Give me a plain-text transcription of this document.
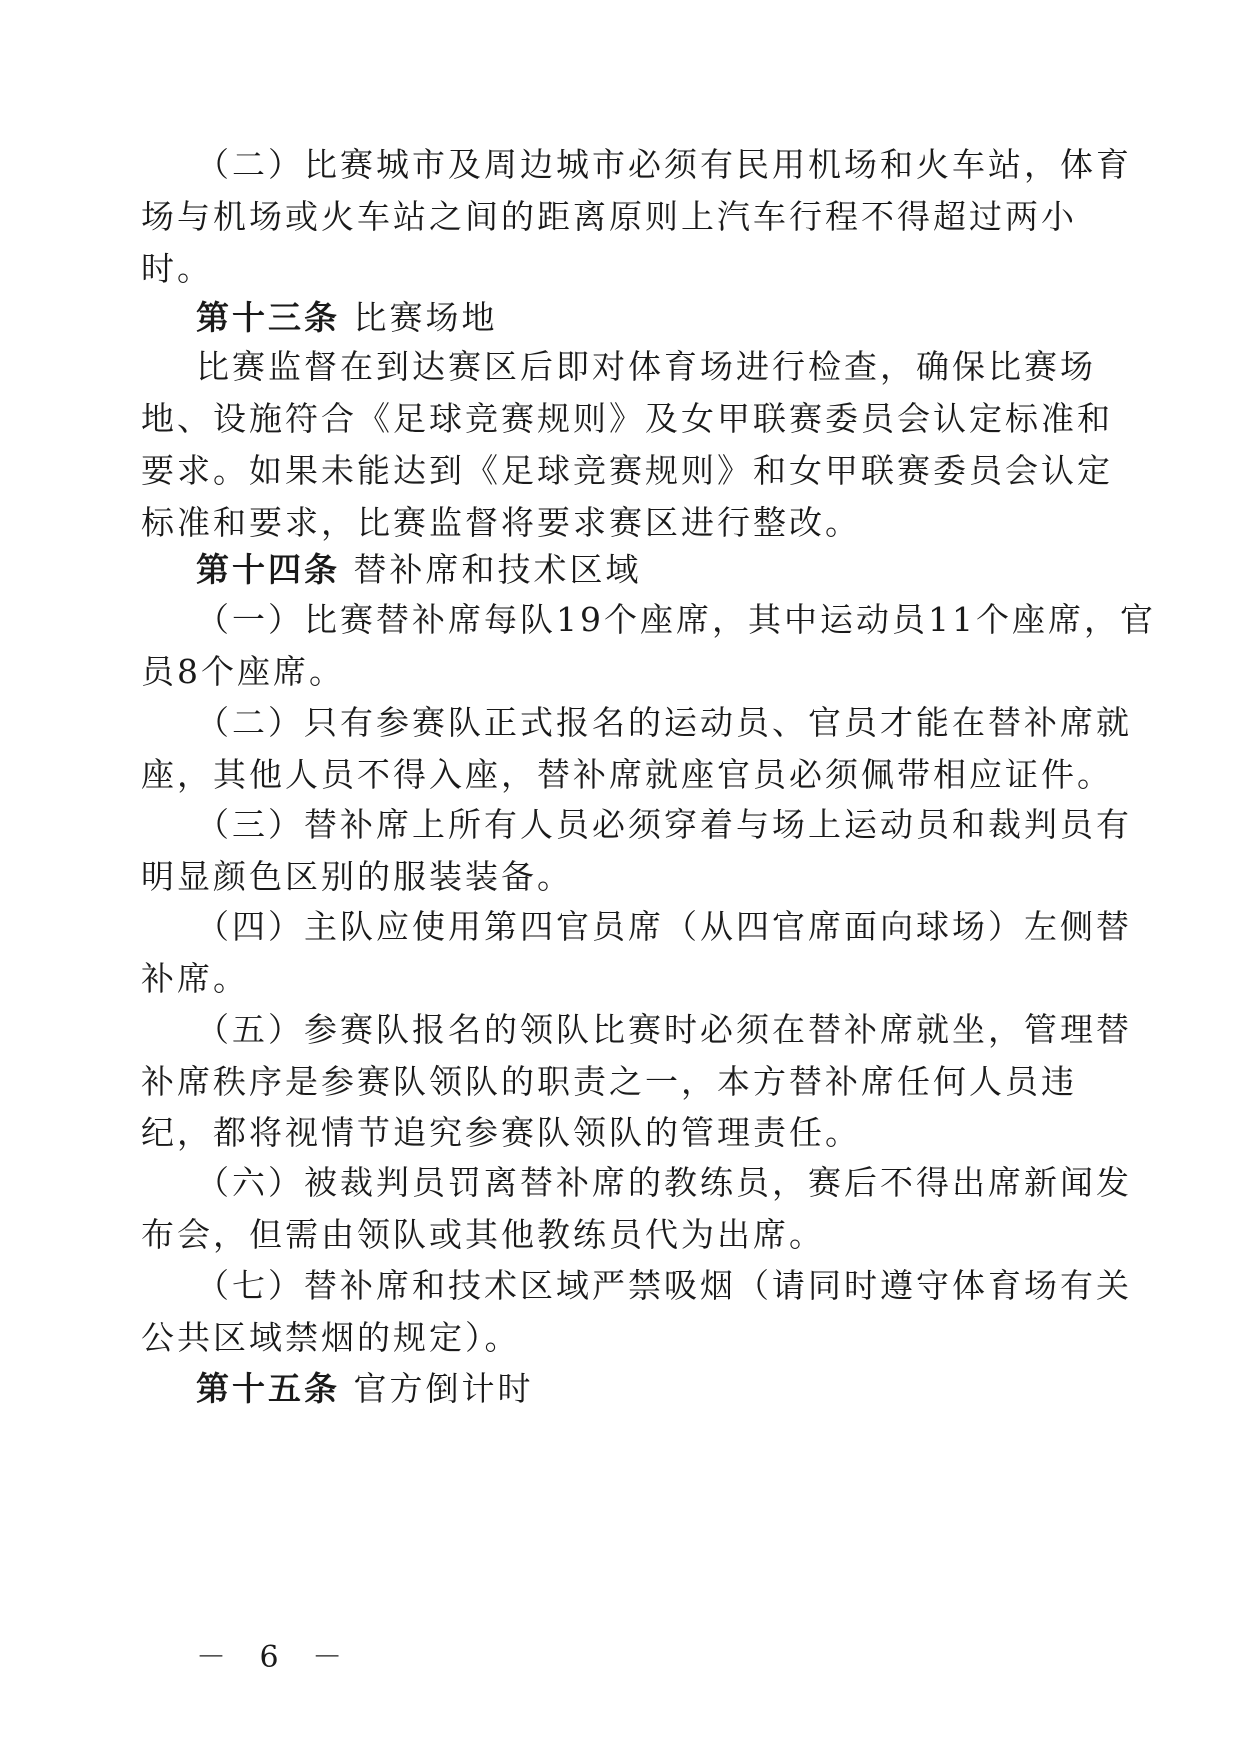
（二）比赛城市及周边城市必须有民用机场和火车站，体育
场与机场或火车站之间的距离原则上汽车行程不得超过两小
时。
第十三条 比赛场地
比赛监督在到达赛区后即对体育场进行检查，确保比赛场
地、设施符合《足球竞赛规则》及女甲联赛委员会认定标准和
要求。如果未能达到《足球竞赛规则》和女甲联赛委员会认定
标准和要求，比赛监督将要求赛区进行整改。
第十四条 替补席和技术区域
（一）比赛替补席每队19个座席，其中运动员11个座席，官
员8个座席。
（二）只有参赛队正式报名的运动员、官员才能在替补席就
座，其他人员不得入座，替补席就座官员必须佩带相应证件。
（三）替补席上所有人员必须穿着与场上运动员和裁判员有
明显颜色区别的服装装备。
（四）主队应使用第四官员席（从四官席面向球场）左侧替
补席。
（五）参赛队报名的领队比赛时必须在替补席就坐，管理替
补席秩序是参赛队领队的职责之一，本方替补席任何人员违
纪，都将视情节追究参赛队领队的管理责任。
（六）被裁判员罚离替补席的教练员，赛后不得出席新闻发
布会，但需由领队或其他教练员代为出席。
（七）替补席和技术区域严禁吸烟（请同时遵守体育场有关
公共区域禁烟的规定）。
第十五条 官方倒计时
－ 6 －
